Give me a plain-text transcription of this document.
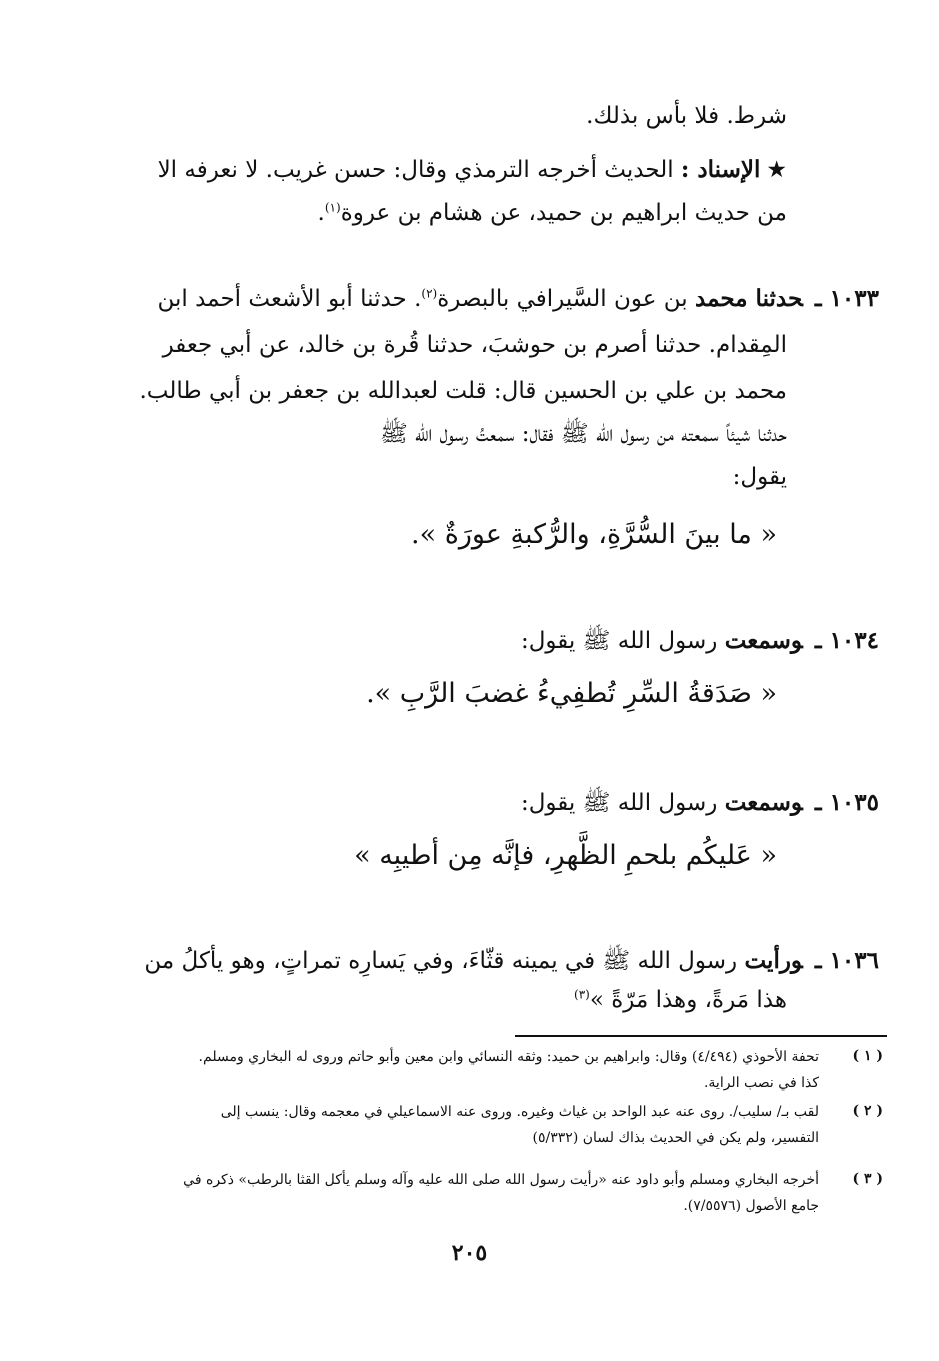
شرط. فلا بأس بذلك.
★الإسناد : الحديث أخرجه الترمذي وقال: حسن غريب. لا نعرفه الا
من حديث ابراهيم بن حميد، عن هشام بن عروة$^{(١)}$.
١٠٣٣ ـحدثنا محمد بن عون السَّيرافي بالبصرة$^{(٢)}$. حدثنا أبو الأشعث أحمد ابن
المِقدام. حدثنا أصرم بن حوشبَ، حدثنا قُرة بن خالد، عن أبي جعفر
محمد بن علي بن الحسين قال: قلت لعبدالله بن جعفر بن أبي طالب.
حدثنا شيئاً سمعته من رسول الله ﷺ فقال: سمعتُ رسول الله ﷺ
يقول:
« ما بينَ السُّرَّةِ، والرُّكبةِ عورَةٌ ».
١٠٣٤ ـوسمعت رسول الله ﷺ يقول:
« صَدَقةُ السِّرِ تُطفِيءُ غضبَ الرَّبِ ».
١٠٣٥ ـوسمعت رسول الله ﷺ يقول:
« عَليكُم بلحمِ الظَّهرِ، فإنَّه مِن أطيبِه »
١٠٣٦ ـورأيت رسول الله ﷺ في يمينه قثّاءَ، وفي يَسارِه تمراتٍ، وهو يأكلُ من
هذا مَرةً، وهذا مَرّةً »$^{(٣)}$
( ١ )
تحفة الأحوذي (٤/٤٩٤) وقال: وابراهيم بن حميد: وثقه النسائي وابن معين وأبو حاتم وروى له البخاري ومسلم.
كذا في نصب الراية.
( ٢ )
لقب بـ/ سليب/. روى عنه عبد الواحد بن غياث وغيره. وروى عنه الاسماعيلي في معجمه وقال: ينسب إلى
التفسير، ولم يكن في الحديث بذاك لسان (٥/٣٣٢)
( ٣ )
أخرجه البخاري ومسلم وأبو داود عنه «رأيت رسول الله صلى الله عليه وآله وسلم يأكل القثا بالرطب» ذكره في
جامع الأصول (٧/٥٥٧٦).
٢٠٥
